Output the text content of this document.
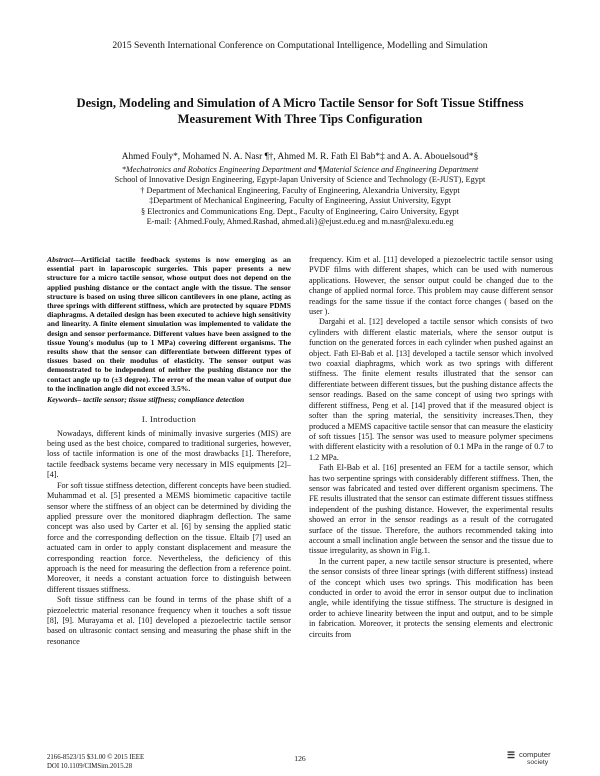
2015 Seventh International Conference on Computational Intelligence, Modelling and Simulation
Design, Modeling and Simulation of A Micro Tactile Sensor for Soft Tissue Stiffness
Measurement With Three Tips Configuration
Ahmed Fouly*, Mohamed N. A. Nasr ¶†, Ahmed M. R. Fath El Bab*‡ and A. A. Abouelsoud*§
*Mechatronics and Robotics Engineering Department and ¶Material Science and Engineering Department
School of Innovative Design Engineering, Egypt-Japan University of Science and Technology (E-JUST), Egypt
† Department of Mechanical Engineering, Faculty of Engineering, Alexandria University, Egypt
‡Department of Mechanical Engineering, Faculty of Engineering, Assiut University, Egypt
§ Electronics and Communications Eng. Dept., Faculty of Engineering, Cairo University, Egypt
E-mail: {Ahmed.Fouly, Ahmed.Rashad, ahmed.ali}@ejust.edu.eg and m.nasr@alexu.edu.eg
Abstract—Artificial tactile feedback systems is now emerging as an essential part in laparoscopic surgeries. This paper presents a new structure for a micro tactile sensor, whose output does not depend on the applied pushing distance or the contact angle with the tissue. The sensor structure is based on using three silicon cantilevers in one plane, acting as three springs with different stiffness, which are protected by square PDMS diaphragms. A detailed design has been executed to achieve high sensitivity and linearity. A finite element simulation was implemented to validate the design and sensor performance. Different values have been assigned to the tissue Young's modulus (up to 1 MPa) covering different organisms. The results show that the sensor can differentiate between different types of tissues based on their modulus of elasticity. The sensor output was demonstrated to be independent of neither the pushing distance nor the contact angle up to (±3 degree). The error of the mean value of output due to the inclination angle did not exceed 3.5%.
Keywords– tactile sensor; tissue stiffness; compliance detection
I. Introduction

Nowadays, different kinds of minimally invasive surgeries (MIS) are being used as the best choice, compared to traditional surgeries, however, loss of tactile information is one of the most drawbacks [1]. Therefore, tactile feedback systems became very necessary in MIS equipments [2]–[4].

For soft tissue stiffness detection, different concepts have been studied. Muhammad et al. [5] presented a MEMS biomimetic capacitive tactile sensor where the stiffness of an object can be determined by dividing the applied pressure over the monitored diaphragm deflection. The same concept was also used by Carter et al. [6] by sensing the applied static force and the corresponding deflection on the tissue. Eltaib [7] used an actuated cam in order to apply constant displacement and measure the corresponding reaction force. Nevertheless, the deficiency of this approach is the need for measuring the deflection from a reference point. Moreover, it needs a constant actuation force to distinguish between different tissues stiffness.

Soft tissue stiffness can be found in terms of the phase shift of a piezoelectric material resonance frequency when it touches a soft tissue [8], [9]. Murayama et al. [10] developed a piezoelectric tactile sensor based on ultrasonic contact sensing and measuring the phase shift in the resonance

frequency. Kim et al. [11] developed a piezoelectric tactile sensor using PVDF films with different shapes, which can be used with numerous applications. However, the sensor output could be changed due to the change of applied normal force. This problem may cause different sensor readings for the same tissue if the contact force changes ( based on the user ).

Dargahi et al. [12] developed a tactile sensor which consists of two cylinders with different elastic materials, where the sensor output is function on the generated forces in each cylinder when pushed against an object. Fath El-Bab et al. [13] developed a tactile sensor which involved two coaxial diaphragms, which work as two springs with different stiffness. The finite element results illustrated that the sensor can differentiate between different tissues, but the pushing distance affects the sensor readings. Based on the same concept of using two springs with different stiffness, Peng et al. [14] proved that if the measured object is softer than the spring material, the sensitivity increases.Then, they produced a MEMS capacitive tactile sensor that can measure the elasticity of soft tissues [15]. The sensor was used to measure polymer specimens with different elasticity with a resolution of 0.1 MPa in the range of 0.7 to 1.2 MPa.

Fath El-Bab et al. [16] presented an FEM for a tactile sensor, which has two serpentine springs with considerably different stiffness. Then, the sensor was fabricated and tested over different organism specimens. The FE results illustrated that the sensor can estimate different tissues stiffness independent of the pushing distance. However, the experimental results showed an error in the sensor readings as a result of the corrugated surface of the tissue. Therefore, the authors recommended taking into account a small inclination angle between the sensor and the tissue due to tissue irregularity, as shown in Fig.1.

In the current paper, a new tactile sensor structure is presented, where the sensor consists of three linear springs (with different stiffness) instead of the concept which uses two springs. This modification has been conducted in order to avoid the error in sensor output due to inclination angle, while identifying the tissue stiffness. The structure is designed in order to achieve linearity between the input and output, and to be simple in fabrication. Moreover, it protects the sensing elements and electronic circuits from

2166-8523/15 $31.00 © 2015 IEEE
DOI 10.1109/CIMSim.2015.28
126	☰ computer
society
